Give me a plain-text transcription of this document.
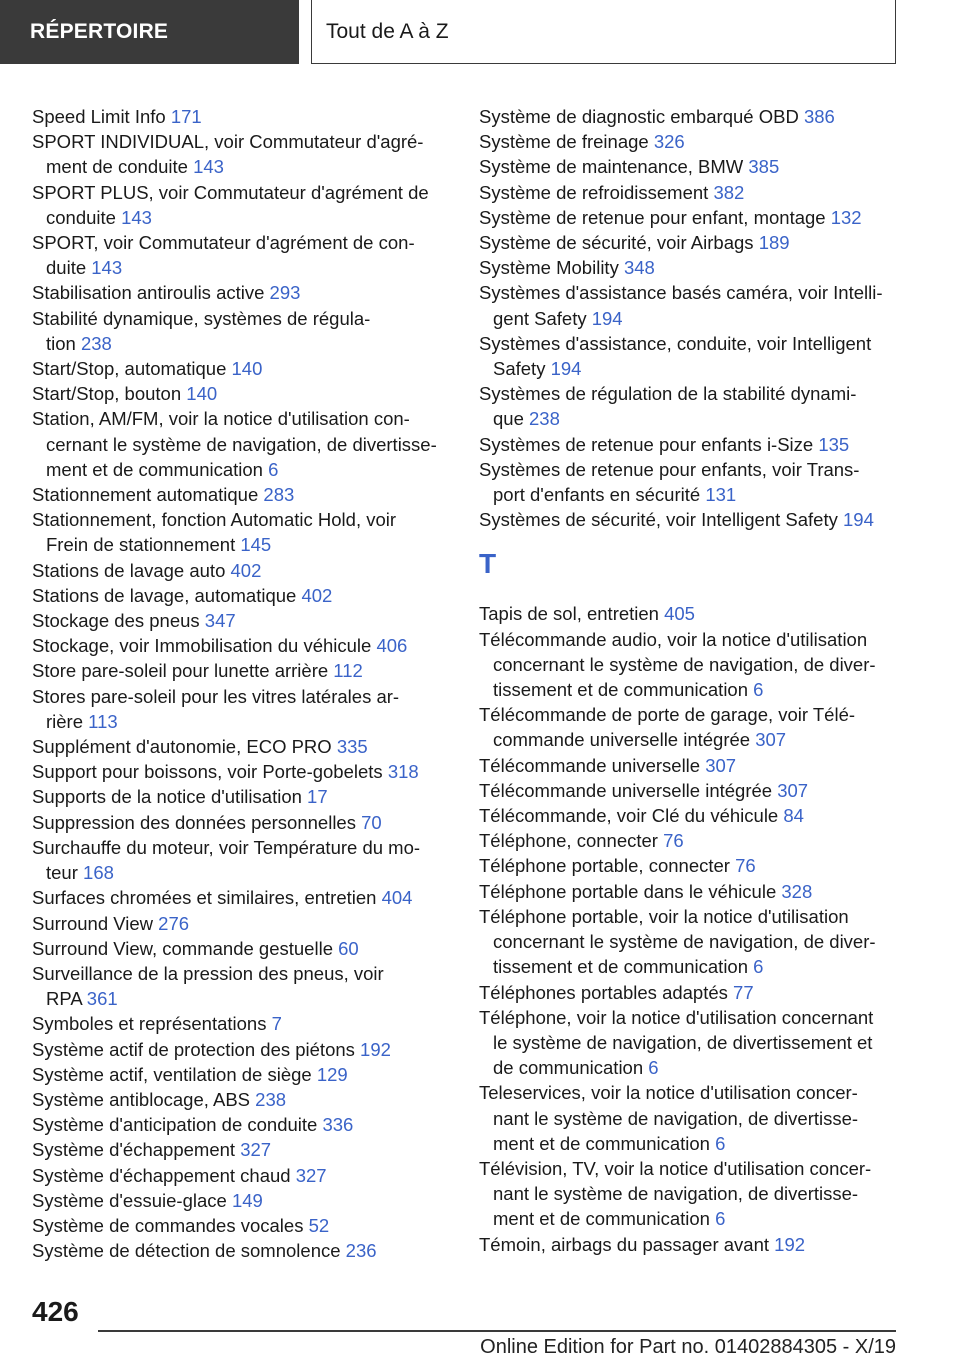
RÉPERTOIRE	Tout de A à Z
Speed Limit Info 171
SPORT INDIVIDUAL, voir Commutateur d'agré-
ment de conduite 143
SPORT PLUS, voir Commutateur d'agrément de
conduite 143
SPORT, voir Commutateur d'agrément de con-
duite 143
Stabilisation antiroulis active 293
Stabilité dynamique, systèmes de régula-
tion 238
Start/Stop, automatique 140
Start/Stop, bouton 140
Station, AM/FM, voir la notice d'utilisation con-
cernant le système de navigation, de divertisse-
ment et de communication 6
Stationnement automatique 283
Stationnement, fonction Automatic Hold, voir
Frein de stationnement 145
Stations de lavage auto 402
Stations de lavage, automatique 402
Stockage des pneus 347
Stockage, voir Immobilisation du véhicule 406
Store pare-soleil pour lunette arrière 112
Stores pare-soleil pour les vitres latérales ar-
rière 113
Supplément d'autonomie, ECO PRO 335
Support pour boissons, voir Porte-gobelets 318
Supports de la notice d'utilisation 17
Suppression des données personnelles 70
Surchauffe du moteur, voir Température du mo-
teur 168
Surfaces chromées et similaires, entretien 404
Surround View 276
Surround View, commande gestuelle 60
Surveillance de la pression des pneus, voir
RPA 361
Symboles et représentations 7
Système actif de protection des piétons 192
Système actif, ventilation de siège 129
Système antiblocage, ABS 238
Système d'anticipation de conduite 336
Système d'échappement 327
Système d'échappement chaud 327
Système d'essuie-glace 149
Système de commandes vocales 52
Système de détection de somnolence 236
Système de diagnostic embarqué OBD 386
Système de freinage 326
Système de maintenance, BMW 385
Système de refroidissement 382
Système de retenue pour enfant, montage 132
Système de sécurité, voir Airbags 189
Système Mobility 348
Systèmes d'assistance basés caméra, voir Intelli-
gent Safety 194
Systèmes d'assistance, conduite, voir Intelligent
Safety 194
Systèmes de régulation de la stabilité dynami-
que 238
Systèmes de retenue pour enfants i-Size 135
Systèmes de retenue pour enfants, voir Trans-
port d'enfants en sécurité 131
Systèmes de sécurité, voir Intelligent Safety 194
T
Tapis de sol, entretien 405
Télécommande audio, voir la notice d'utilisation
concernant le système de navigation, de diver-
tissement et de communication 6
Télécommande de porte de garage, voir Télé-
commande universelle intégrée 307
Télécommande universelle 307
Télécommande universelle intégrée 307
Télécommande, voir Clé du véhicule 84
Téléphone, connecter 76
Téléphone portable, connecter 76
Téléphone portable dans le véhicule 328
Téléphone portable, voir la notice d'utilisation
concernant le système de navigation, de diver-
tissement et de communication 6
Téléphones portables adaptés 77
Téléphone, voir la notice d'utilisation concernant
le système de navigation, de divertissement et
de communication 6
Teleservices, voir la notice d'utilisation concer-
nant le système de navigation, de divertisse-
ment et de communication 6
Télévision, TV, voir la notice d'utilisation concer-
nant le système de navigation, de divertisse-
ment et de communication 6
Témoin, airbags du passager avant 192
426
Online Edition for Part no. 01402884305 - X/19
